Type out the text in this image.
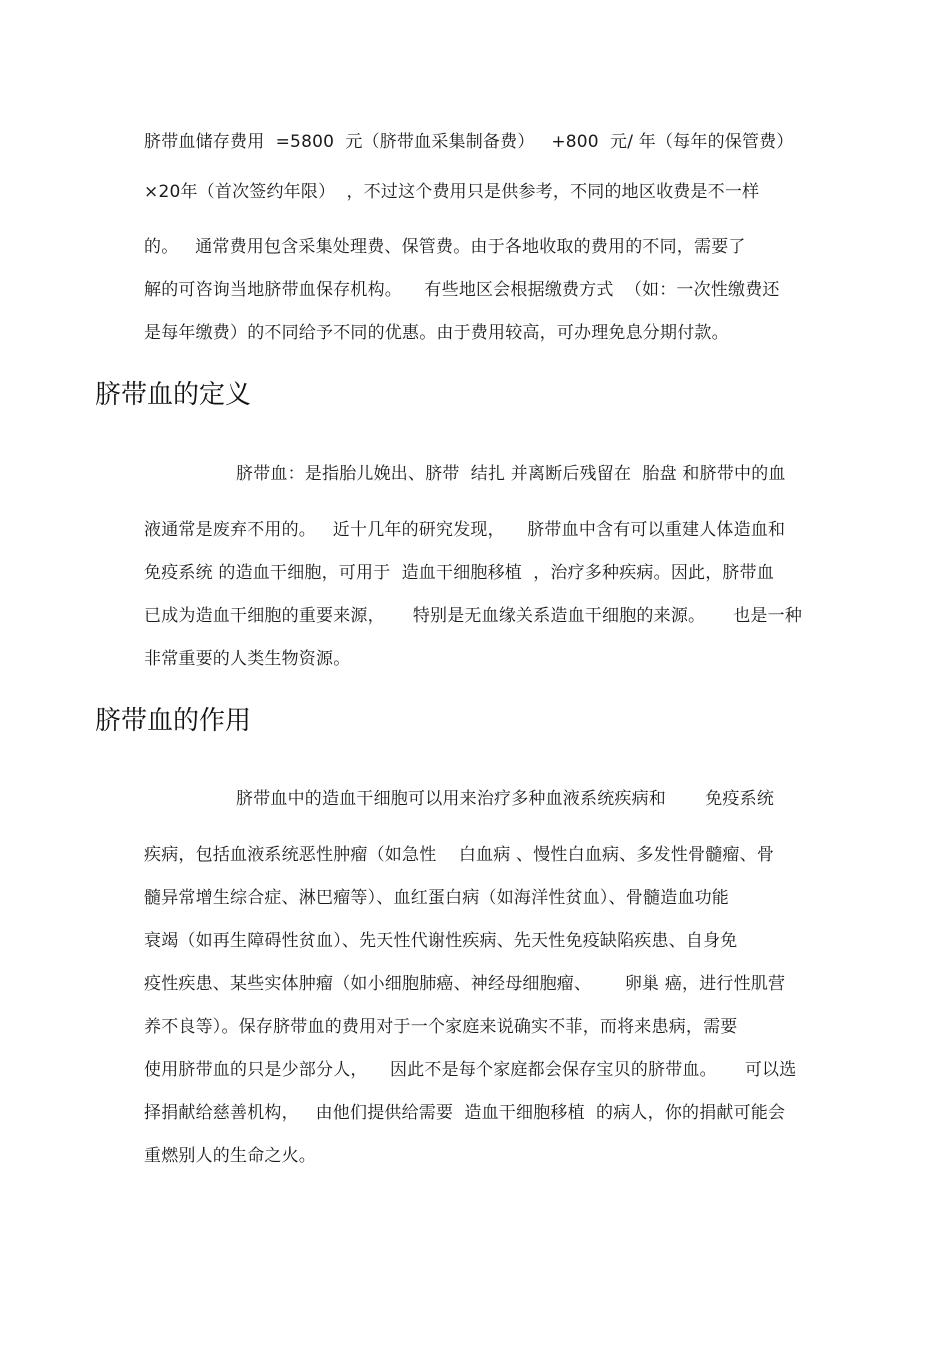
脐带血储存费用  =5800  元（脐带血采集制备费）   +800  元/ 年（每年的保管费）
×20年（首次签约年限）  ，不过这个费用只是供参考，不同的地区收费是不一样
的。   通常费用包含采集处理费、保管费。由于各地收取的费用的不同，需要了
解的可咨询当地脐带血保存机构。    有些地区会根据缴费方式  （如：一次性缴费还
是每年缴费）的不同给予不同的优惠。由于费用较高，可办理免息分期付款。
脐带血的定义
脐带血：是指胎儿娩出、脐带  结扎 并离断后残留在  胎盘 和脐带中的血
液通常是废弃不用的。   近十几年的研究发现，    脐带血中含有可以重建人体造血和
免疫系统 的造血干细胞，可用于  造血干细胞移植  ，治疗多种疾病。因此，脐带血
已成为造血干细胞的重要来源，     特别是无血缘关系造血干细胞的来源。     也是一种
非常重要的人类生物资源。
脐带血的作用
脐带血中的造血干细胞可以用来治疗多种血液系统疾病和       免疫系统
疾病，包括血液系统恶性肿瘤（如急性    白血病 、慢性白血病、多发性骨髓瘤、骨
髓异常增生综合症、淋巴瘤等）、血红蛋白病（如海洋性贫血）、骨髓造血功能
衰竭（如再生障碍性贫血）、先天性代谢性疾病、先天性免疫缺陷疾患、自身免
疫性疾患、某些实体肿瘤（如小细胞肺癌、神经母细胞瘤、      卵巢 癌，进行性肌营
养不良等）。保存脐带血的费用对于一个家庭来说确实不菲，而将来患病，需要
使用脐带血的只是少部分人，    因此不是每个家庭都会保存宝贝的脐带血。     可以选
择捐献给慈善机构，   由他们提供给需要  造血干细胞移植  的病人，你的捐献可能会
重燃别人的生命之火。
